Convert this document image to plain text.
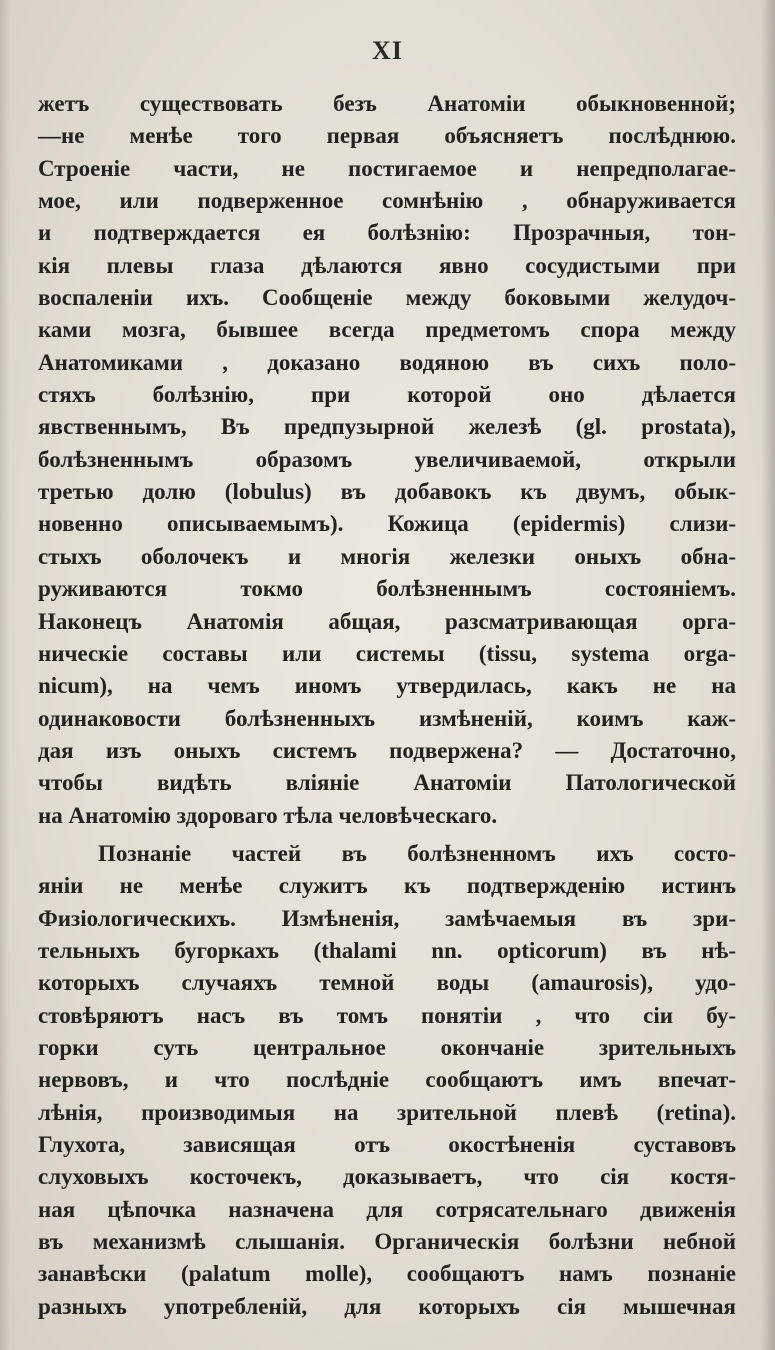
XI
жетъ существовать безъ Анатоміи обыкновенной;
—не менѣе того первая объясняетъ послѣднюю.
Строеніе части, не постигаемое и непредполагае-
мое, или подверженное сомнѣнію , обнаруживается
и подтверждается ея болѣзнію: Прозрачныя, тон-
кія плевы глаза дѣлаются явно сосудистыми при
воспаленіи ихъ. Сообщеніе между боковыми желудоч-
ками мозга, бывшее всегда предметомъ спора между
Анатомиками , доказано водяною въ сихъ поло-
стяхъ болѣзнію, при которой оно дѣлается
явственнымъ, Въ предпузырной железѣ (gl. prostata),
болѣзненнымъ образомъ увеличиваемой, открыли
третью долю (lobulus) въ добавокъ къ двумъ, обык-
новенно описываемымъ). Кожица (epidermis) слизи-
стыхъ оболочекъ и многія железки оныхъ обна-
руживаются токмо болѣзненнымъ состояніемъ.
Наконецъ Анатомія абщая, разсматривающая орга-
ническіе составы или системы (tissu, systema orga-
nicum), на чемъ иномъ утвердилась, какъ не на
одинаковости болѣзненныхъ измѣненій, коимъ каж-
дая изъ оныхъ системъ подвержена? — Достаточно,
чтобы видѣть вліяніе Анатоміи Патологической
на Анатомію здороваго тѣла человѣческаго.
Познаніе частей въ болѣзненномъ ихъ состо-
яніи не менѣе служитъ къ подтвержденію истинъ
Физіологическихъ. Измѣненія, замѣчаемыя въ зри-
тельныхъ бугоркахъ (thalami nn. opticorum) въ нѣ-
которыхъ случаяхъ темной воды (amaurosis), удо-
стовѣряютъ насъ въ томъ понятіи , что сіи бу-
горки суть центральное окончаніе зрительныхъ
нервовъ, и что послѣдніе сообщаютъ имъ впечат-
лѣнія, производимыя на зрительной плевѣ (retina).
Глухота, зависящая отъ окостѣненія суставовъ
слуховыхъ косточекъ, доказываетъ, что сія костя-
ная цѣпочка назначена для сотрясательнаго движенія
въ механизмѣ слышанія. Органическія болѣзни небной
занавѣски (palatum molle), сообщаютъ намъ познаніе
разныхъ употребленій, для которыхъ сія мышечная
